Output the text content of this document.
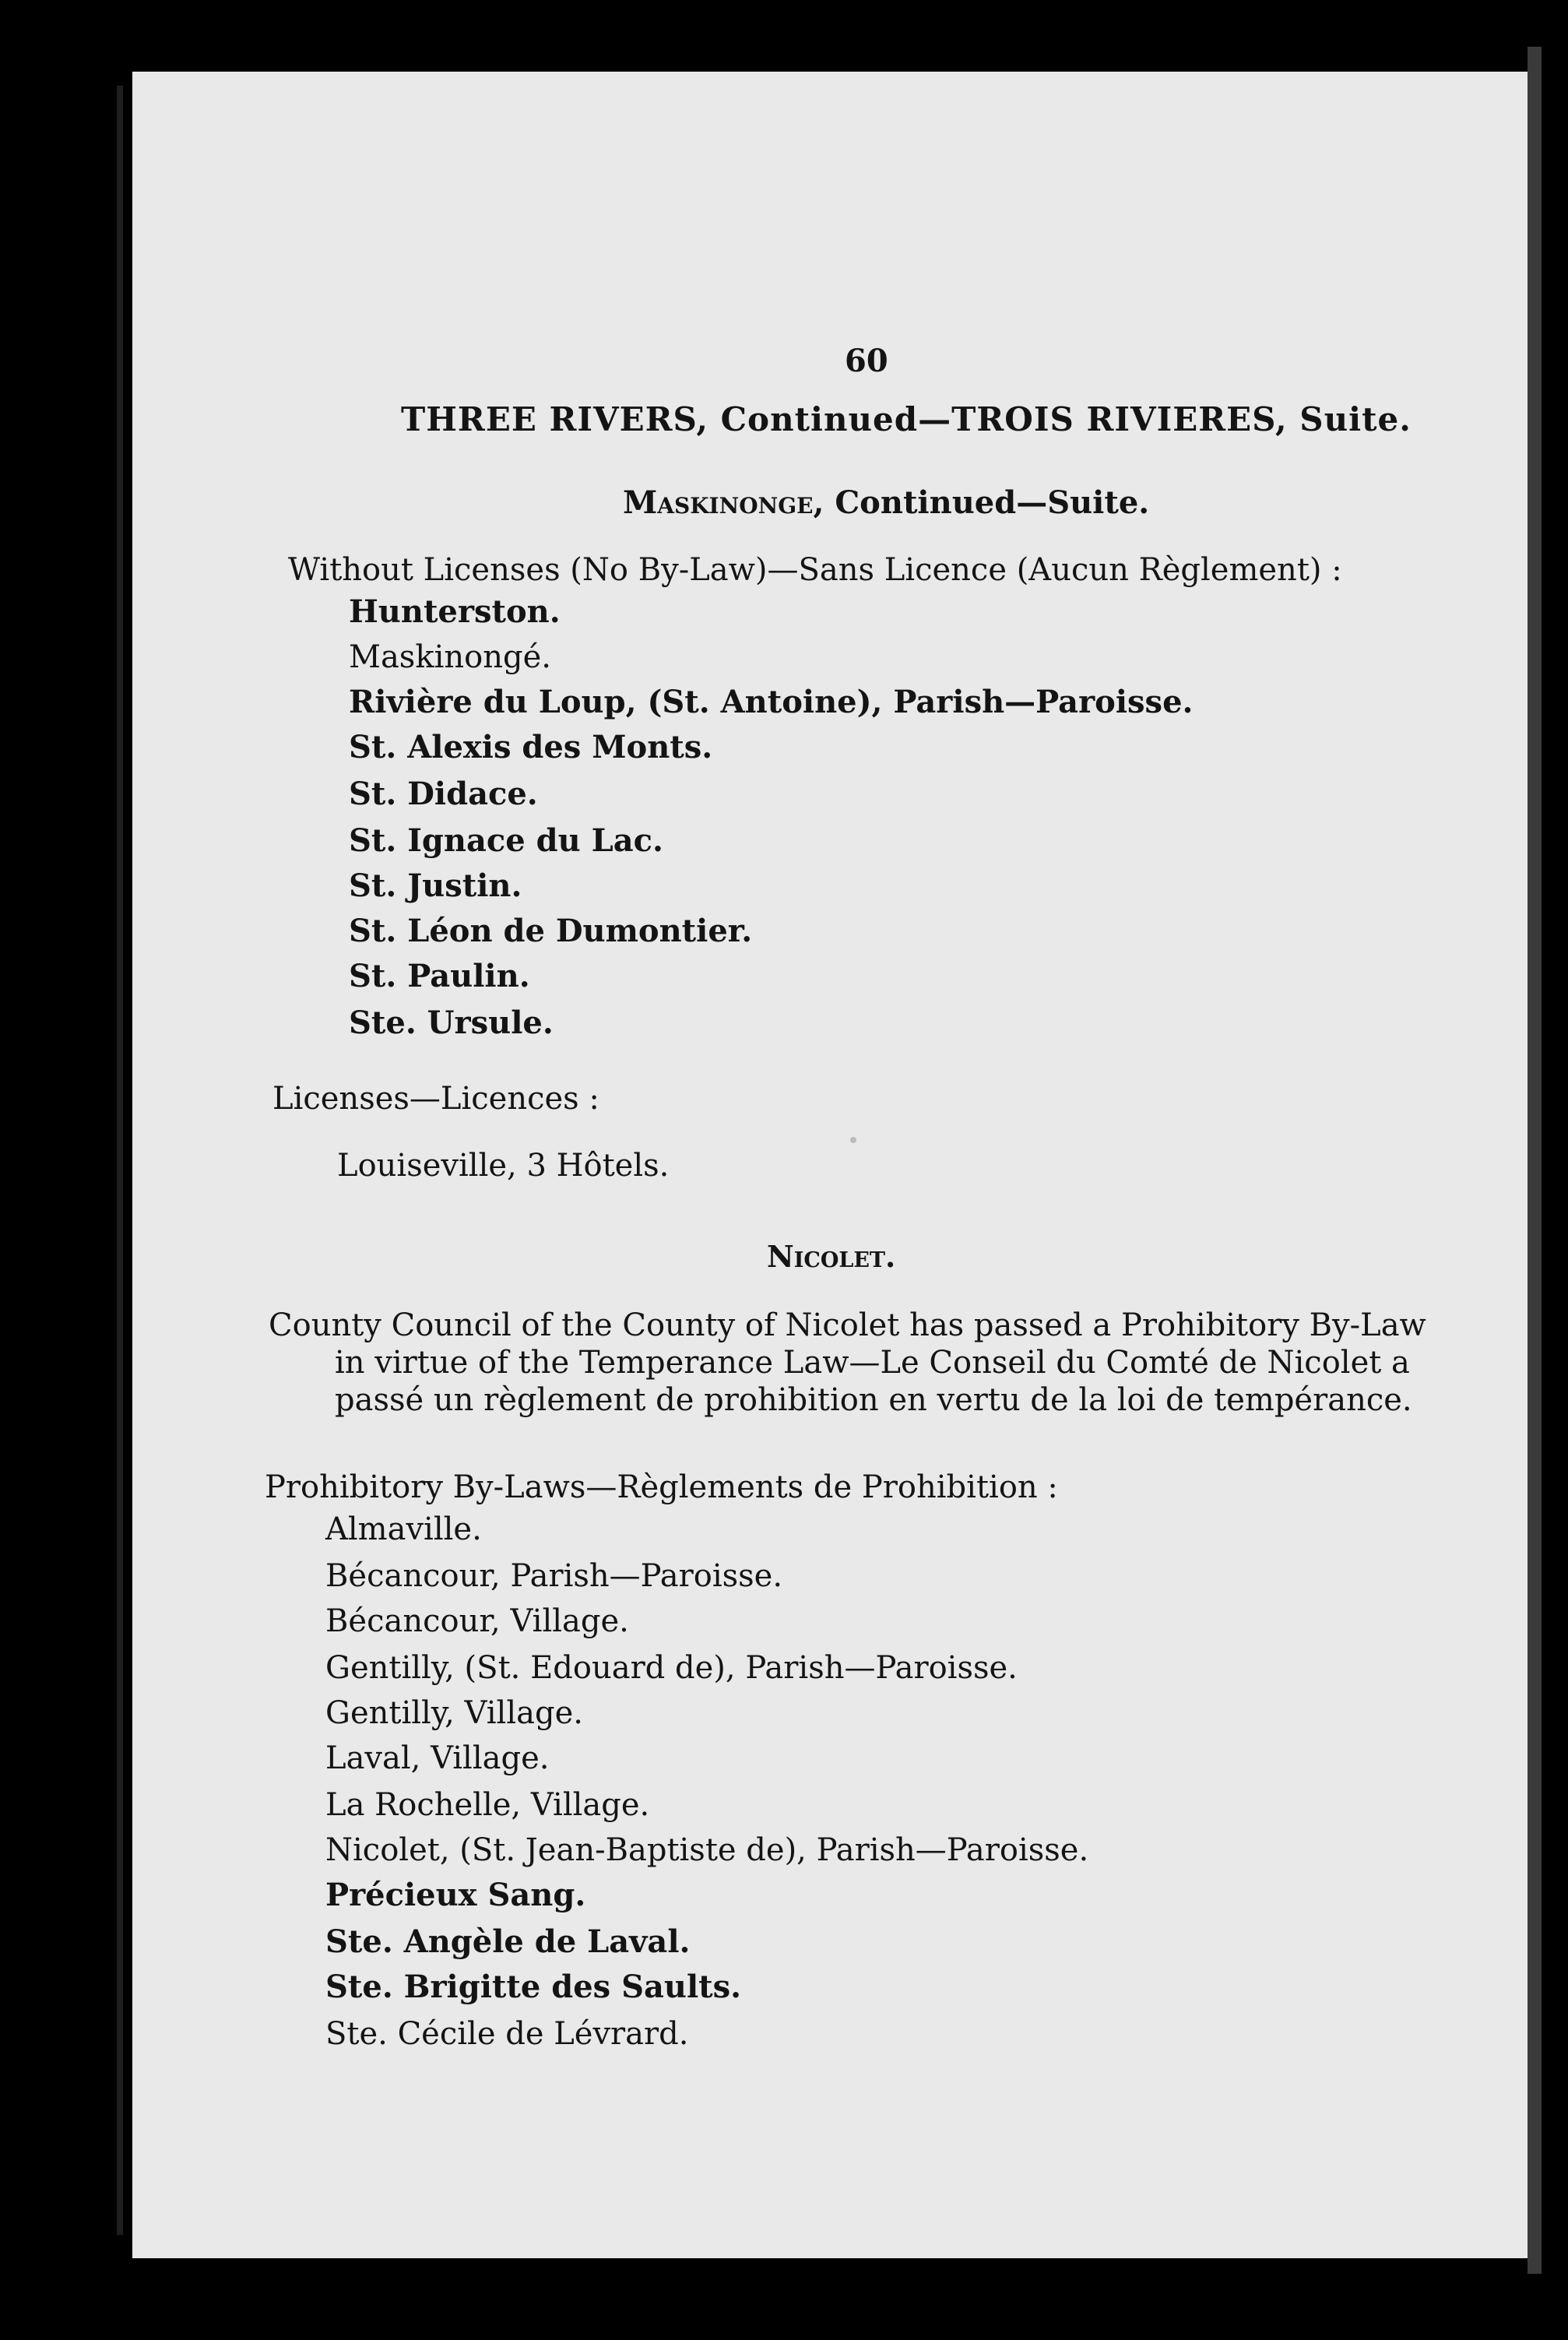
60
THREE RIVERS, Continued—TROIS RIVIERES, Suite.
Maskinonge, Continued—Suite.
Without Licenses (No By-Law)—Sans Licence (Aucun Règlement) :
Hunterston.
Maskinongé.
Rivière du Loup, (St. Antoine), Parish—Paroisse.
St. Alexis des Monts.
St. Didace.
St. Ignace du Lac.
St. Justin.
St. Léon de Dumontier.
St. Paulin.
Ste. Ursule.
Licenses—Licences :
Louiseville, 3 Hôtels.
Nicolet.
County Council of the County of Nicolet has passed a Prohibitory By-Law
in virtue of the Temperance Law—Le Conseil du Comté de Nicolet a
passé un règlement de prohibition en vertu de la loi de tempérance.
Prohibitory By-Laws—Règlements de Prohibition :
Almaville.
Bécancour, Parish—Paroisse.
Bécancour, Village.
Gentilly, (St. Edouard de), Parish—Paroisse.
Gentilly, Village.
Laval, Village.
La Rochelle, Village.
Nicolet, (St. Jean-Baptiste de), Parish—Paroisse.
Précieux Sang.
Ste. Angèle de Laval.
Ste. Brigitte des Saults.
Ste. Cécile de Lévrard.
